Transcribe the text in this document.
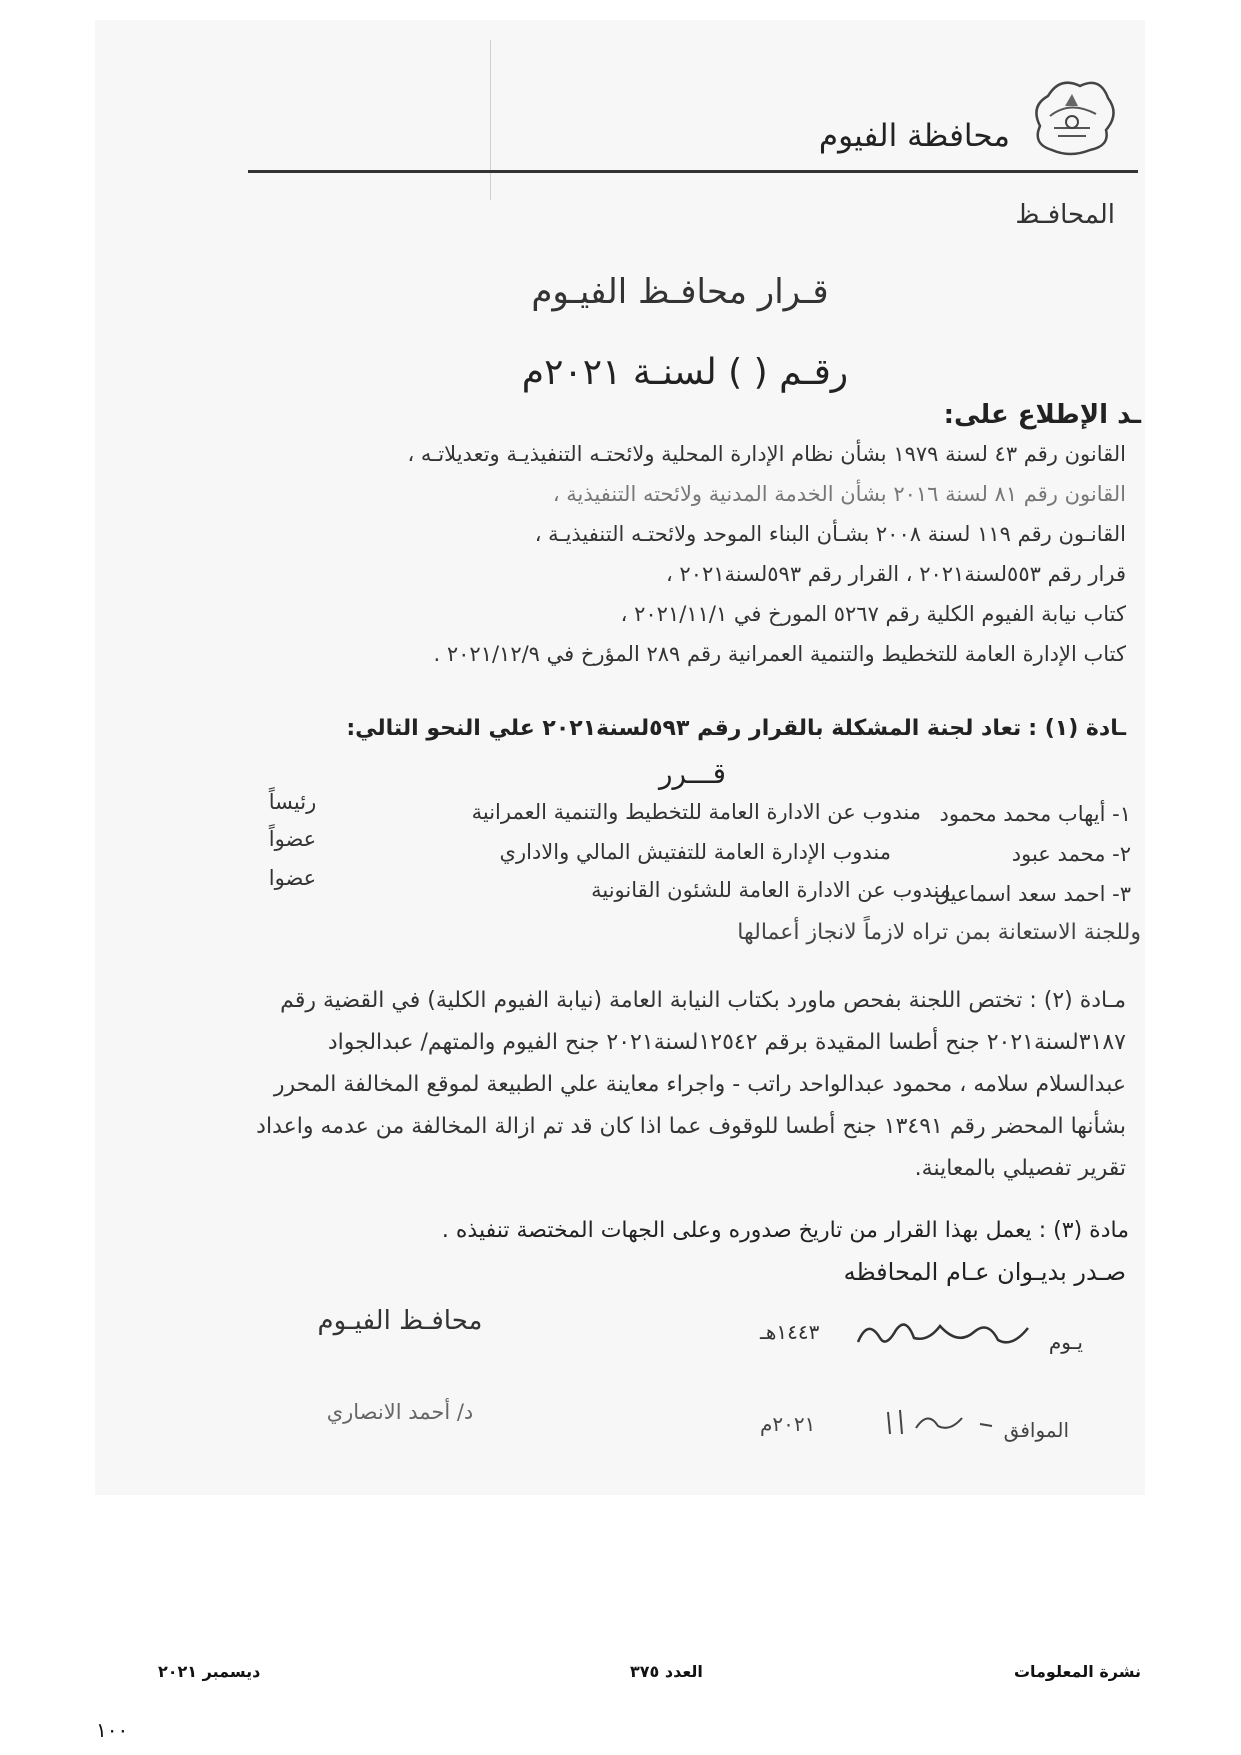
محافظة الفيوم
المحافـظ
قـرار محافـظ الفيـوم
رقـم ( ) لسنـة ٢٠٢١م
ـد الإطلاع على:
القانون رقم ٤٣ لسنة ١٩٧٩ بشأن نظام الإدارة المحلية ولائحتـه التنفيذيـة وتعديلاتـه ،
القانون رقم ٨١ لسنة ٢٠١٦ بشأن الخدمة المدنية ولائحته التنفيذية ،
القانـون رقم ١١٩ لسنة ٢٠٠٨ بشـأن البناء الموحد ولائحتـه التنفيذيـة ،
قرار رقم ٥٥٣لسنة٢٠٢١ ، القرار رقم ٥٩٣لسنة٢٠٢١ ،
كتاب نيابة الفيوم الكلية رقم ٥٢٦٧ المورخ في ٢٠٢١/١١/١ ،
كتاب الإدارة العامة للتخطيط والتنمية العمرانية رقم ٢٨٩ المؤرخ في ٢٠٢١/١٢/٩ .
ـادة (١) : تعاد لجنة المشكلة بالقرار رقم ٥٩٣لسنة٢٠٢١ علي النحو التالي:
قـــرر
١- أيهاب محمد محمود
مندوب عن الادارة العامة للتخطيط والتنمية العمرانية
رئيساً
٢- محمد عبود
مندوب الإدارة العامة للتفتيش المالي والاداري
عضواً
٣- احمد سعد اسماعيل
مندوب عن الادارة العامة للشئون القانونية
عضوا
وللجنة الاستعانة بمن تراه لازماً لانجاز أعمالها
مـادة (٢) : تختص اللجنة بفحص ماورد بكتاب النيابة العامة (نيابة الفيوم الكلية) في القضية رقم ٣١٨٧لسنة٢٠٢١ جنح أطسا المقيدة برقم ١٢٥٤٢لسنة٢٠٢١ جنح الفيوم والمتهم/ عبدالجواد عبدالسلام سلامه ، محمود عبدالواحد راتب - واجراء معاينة علي الطبيعة لموقع المخالفة المحرر بشأنها المحضر رقم ١٣٤٩١ جنح أطسا للوقوف عما اذا كان قد تم ازالة المخالفة من عدمه واعداد تقرير تفصيلي بالمعاينة.
مادة (٣) : يعمل بهذا القرار من تاريخ صدوره وعلى الجهات المختصة تنفيذه .
صـدر بديـوان عـام المحافظه
محافـظ الفيـوم
د/ أحمد الانصاري
يـوم
١٤٤٣هـ
الموافق
٢٠٢١م
نشرة المعلومات
العدد ٣٧٥
ديسمبر ٢٠٢١
١٠٠
